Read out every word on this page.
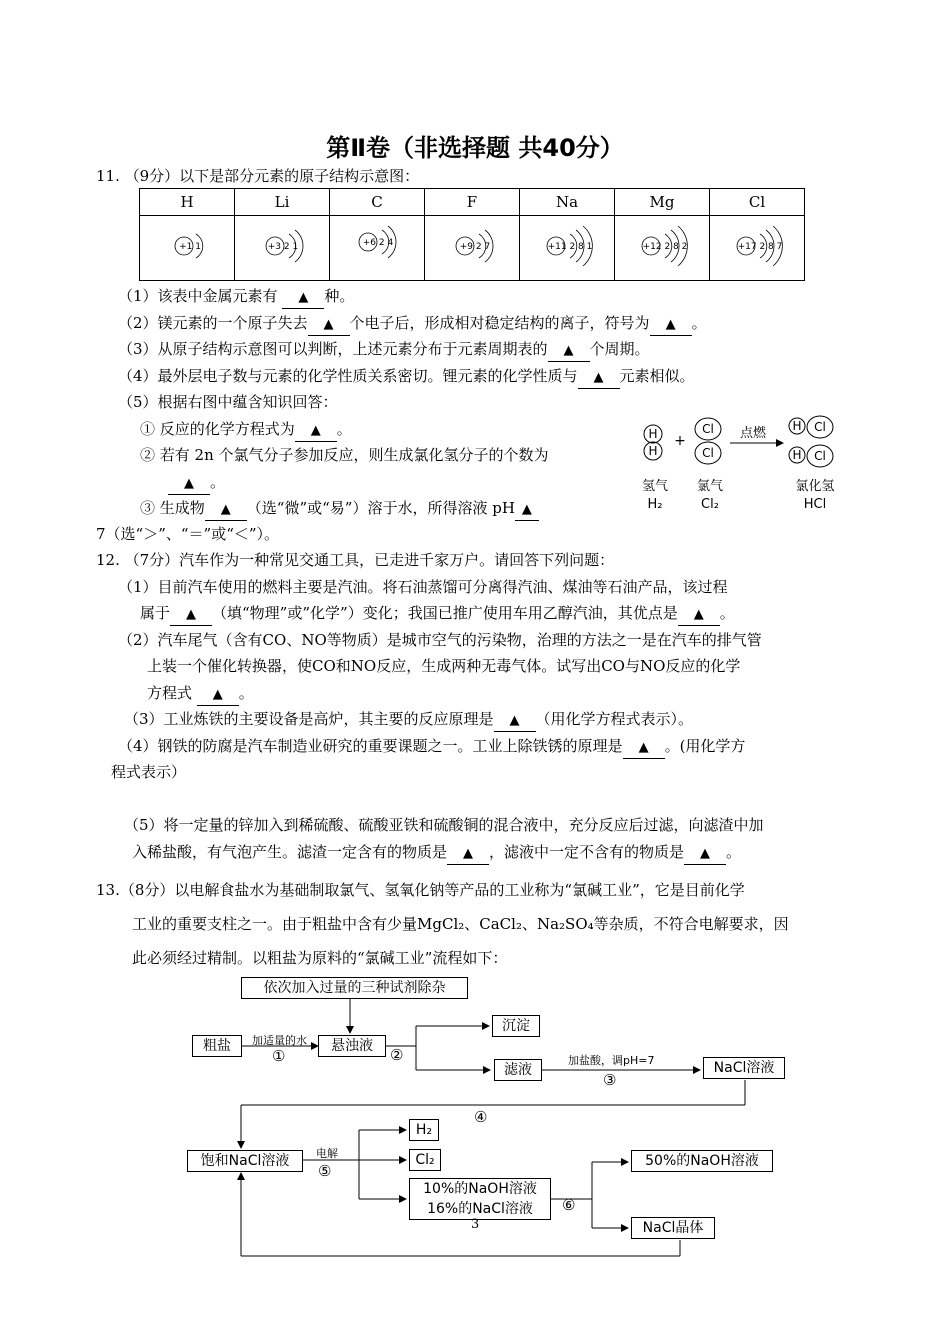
第Ⅱ卷（非选择题 共40分）
11. （9分）以下是部分元素的原子结构示意图：
H	Li	C	F	Na	Mg	Cl

+1 1	+3 2 1	+6 2 4	+9 2 7	+11 2 8 1	+12 2 8 2	+17 2 8 7
（1）该表中金属元素有 ▲ 种。
（2）镁元素的一个原子失去 ▲ 个电子后，形成相对稳定结构的离子，符号为 ▲ 。
（3）从原子结构示意图可以判断，上述元素分布于元素周期表的 ▲ 个周期。
（4）最外层电子数与元素的化学性质关系密切。锂元素的化学性质与 ▲ 元素相似。
（5）根据右图中蕴含知识回答：
① 反应的化学方程式为 ▲ 。
② 若有 2n 个氯气分子参加反应，则生成氯化氢分子的个数为
▲ 。
③ 生成物 ▲ （选“微”或“易”）溶于水，所得溶液 pH ▲
7（选“＞”、“＝”或“＜”）。
H
H
+
Cl
Cl
点燃 H Cl
H Cl
氢气 氯气	氯化氢
H₂	Cl₂	HCl
12. （7分）汽车作为一种常见交通工具，已走进千家万户。请回答下列问题：
（1）目前汽车使用的燃料主要是汽油。将石油蒸馏可分离得汽油、煤油等石油产品，该过程
属于 ▲ （填“物理”或”化学”）变化；我国已推广使用车用乙醇汽油，其优点是 ▲ 。
（2）汽车尾气（含有CO、NO等物质）是城市空气的污染物，治理的方法之一是在汽车的排气管
上装一个催化转换器，使CO和NO反应，生成两种无毒气体。试写出CO与NO反应的化学
方程式 ▲ 。
（3）工业炼铁的主要设备是高炉，其主要的反应原理是 ▲ （用化学方程式表示）。
（4）钢铁的防腐是汽车制造业研究的重要课题之一。工业上除铁锈的原理是 ▲ 。(用化学方
程式表示）
（5）将一定量的锌加入到稀硫酸、硫酸亚铁和硫酸铜的混合液中，充分反应后过滤，向滤渣中加
入稀盐酸，有气泡产生。滤渣一定含有的物质是 ▲ ，滤液中一定不含有的物质是 ▲ 。
13.（8分）以电解食盐水为基础制取氯气、氢氧化钠等产品的工业称为“氯碱工业”，它是目前化学
工业的重要支柱之一。由于粗盐中含有少量MgCl₂、CaCl₂、Na₂SO₄等杂质，不符合电解要求，因
此必须经过精制。以粗盐为原料的“氯碱工业”流程如下：
依次加入过量的三种试剂除杂
粗盐	加适量的水
①
悬浊液	②
沉淀
滤液
加盐酸，调pH=7
③
NaCl溶液
④
饱和NaCl溶液	电解
⑤
H₂
Cl₂
10%的NaOH溶液
16%的NaCl溶液	⑥
50%的NaOH溶液
NaCl晶体
3
